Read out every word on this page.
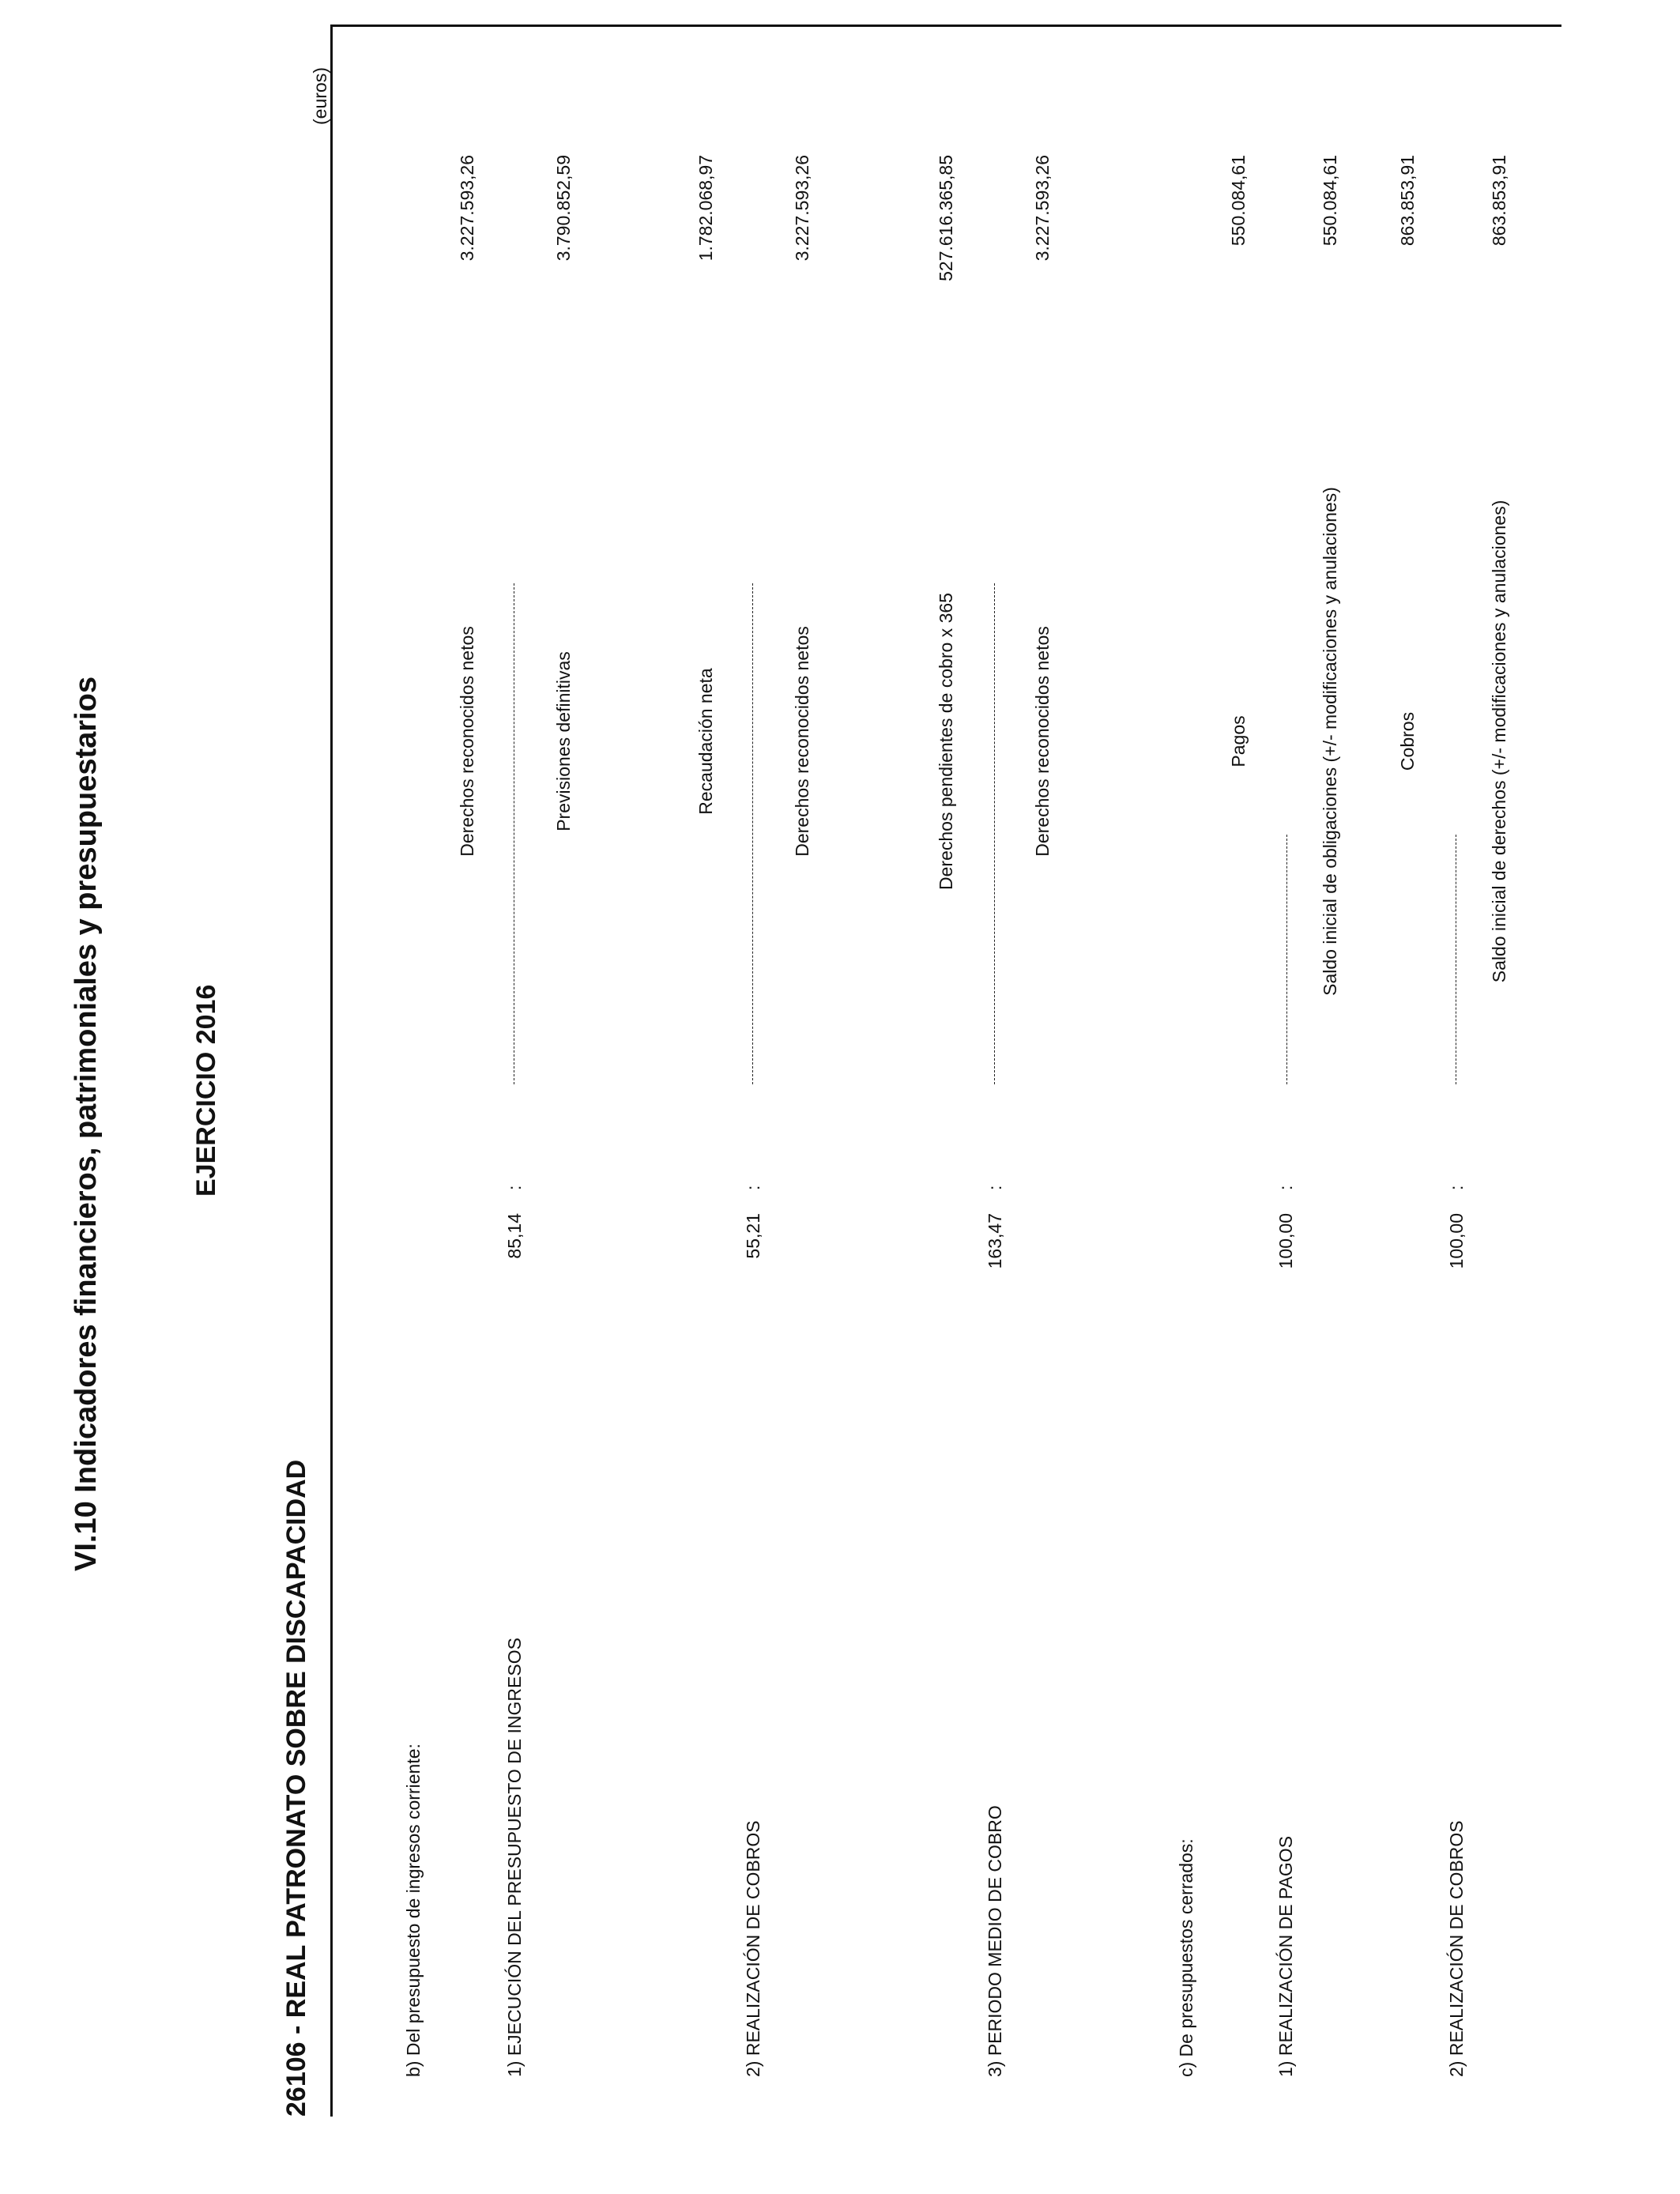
VI.10 Indicadores financieros, patrimoniales y presupuestarios	EJERCICIO 2016
26106 - REAL PATRONATO SOBRE DISCAPACIDAD
(euros)
b) Del presupuesto de ingresos corriente:	1) EJECUCIÓN DEL PRESUPUESTO DE INGRESOS
85,14
:
Derechos reconocidos netos	Previsiones definitivas
3.227.593,26	3.790.852,59
2) REALIZACIÓN DE COBROS
55,21
:
Recaudación neta	Derechos reconocidos netos
1.782.068,97	3.227.593,26
3) PERIODO MEDIO DE COBRO
163,47
:
Derechos pendientes de cobro x 365	Derechos reconocidos netos
527.616.365,85	3.227.593,26
c) De presupuestos cerrados:	1) REALIZACIÓN DE PAGOS
100,00
:
Pagos	Saldo inicial de obligaciones (+/- modificaciones y anulaciones)
550.084,61	550.084,61
2) REALIZACIÓN DE COBROS
100,00
:
Cobros	Saldo inicial de derechos (+/- modificaciones y anulaciones)
863.853,91	863.853,91
